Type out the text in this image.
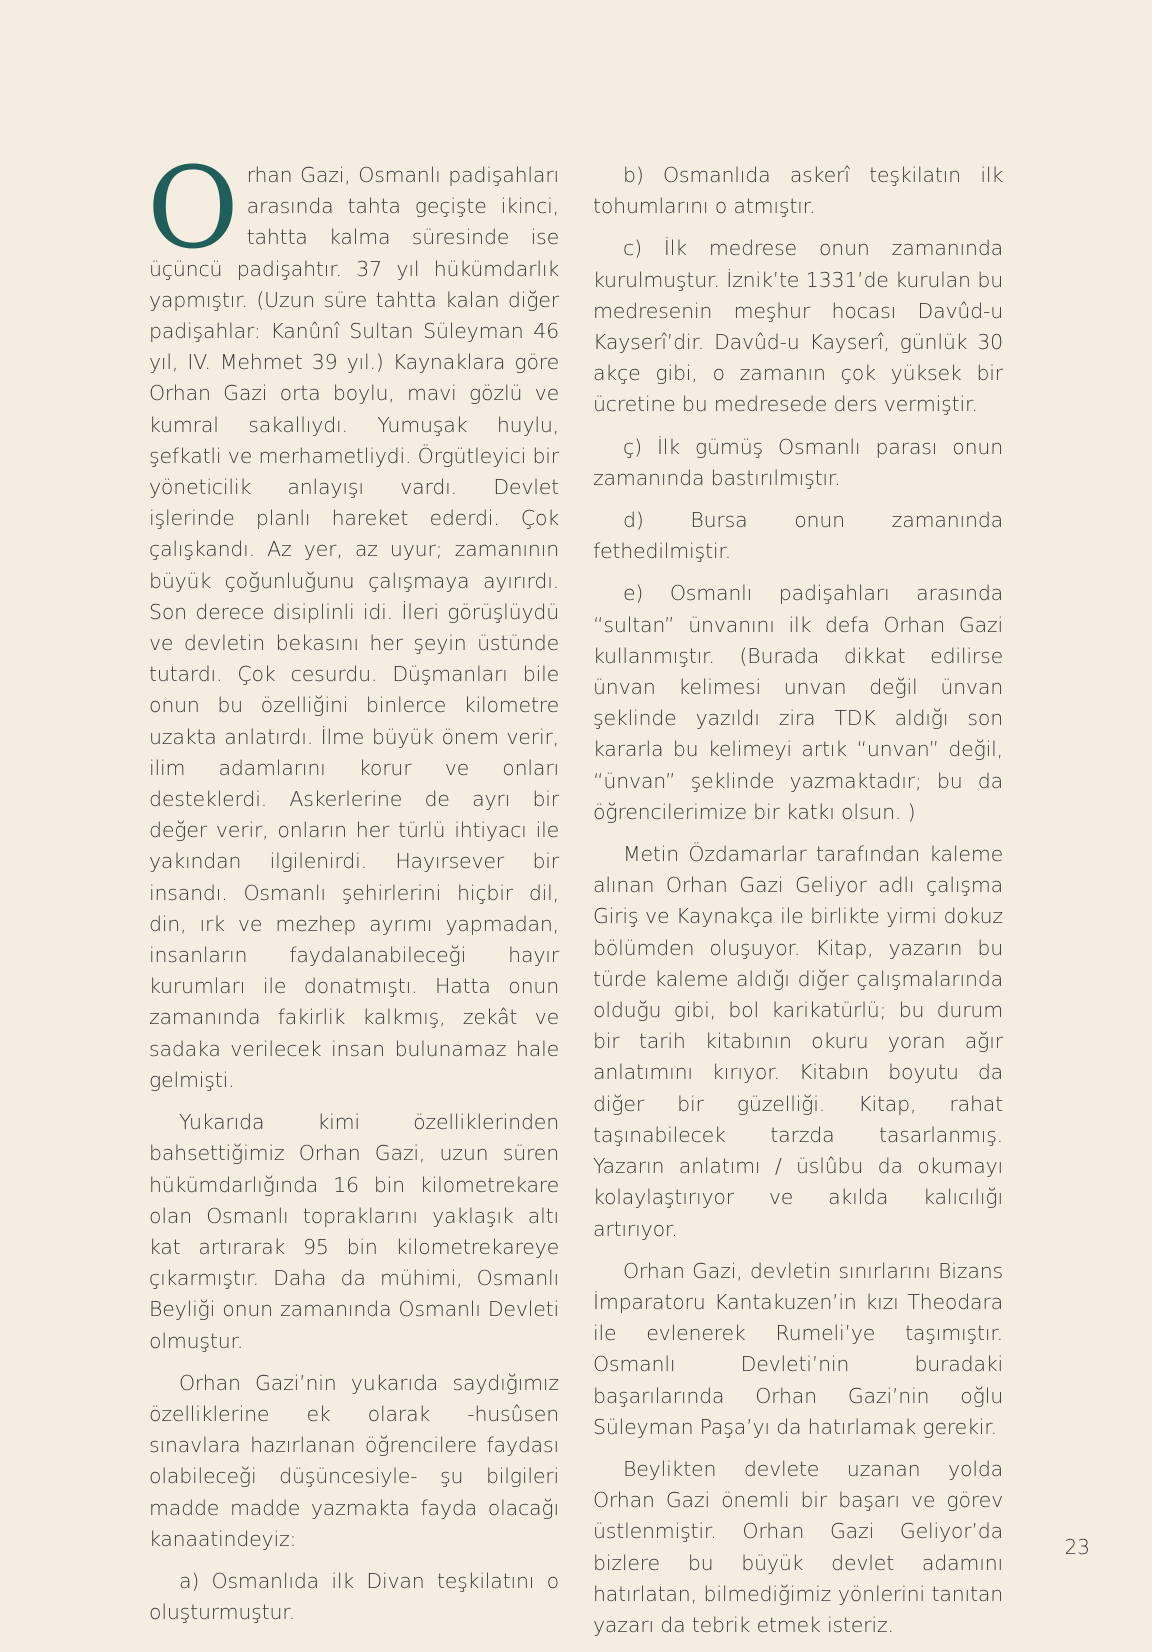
Orhan Gazi, Osmanlı padişahları arasında tahta geçişte ikinci, tahtta kalma süresinde ise üçüncü padişahtır. 37 yıl hükümdarlık yapmıştır. (Uzun süre tahtta kalan diğer padişahlar: Kanûnî Sultan Süleyman 46 yıl, IV. Mehmet 39 yıl.) Kaynaklara göre Orhan Gazi orta boylu, mavi gözlü ve kumral sakallıydı. Yumuşak huylu, şefkatli ve merhametliydi. Örgütleyici bir yöneticilik anlayışı vardı. Devlet işlerinde planlı hareket ederdi. Çok çalışkandı. Az yer, az uyur; zamanının büyük çoğunluğunu çalışmaya ayırırdı. Son derece disiplinli idi. İleri görüşlüydü ve devletin bekasını her şeyin üstünde tutardı. Çok cesurdu. Düşmanları bile onun bu özelliğini binlerce kilometre uzakta anlatırdı. İlme büyük önem verir, ilim adamlarını korur ve onları desteklerdi. Askerlerine de ayrı bir değer verir, onların her türlü ihtiyacı ile yakından ilgilenirdi. Hayırsever bir insandı. Osmanlı şehirlerini hiçbir dil, din, ırk ve mezhep ayrımı yapmadan, insanların faydalanabileceği hayır kurumları ile donatmıştı. Hatta onun zamanında fakirlik kalkmış, zekât ve sadaka verilecek insan bulunamaz hale gelmişti.

Yukarıda kimi özelliklerinden bahsettiğimiz Orhan Gazi, uzun süren hükümdarlığında 16 bin kilometrekare olan Osmanlı topraklarını yaklaşık altı kat artırarak 95 bin kilometrekareye çıkarmıştır. Daha da mühimi, Osmanlı Beyliği onun zamanında Osmanlı Devleti olmuştur.

Orhan Gazi’nin yukarıda saydığımız özelliklerine ek olarak -husûsen sınavlara hazırlanan öğrencilere faydası olabileceği düşüncesiyle- şu bilgileri madde madde yazmakta fayda olacağı kanaatindeyiz:

a) Osmanlıda ilk Divan teşkilatını o oluşturmuştur.

b) Osmanlıda askerî teşkilatın ilk tohumlarını o atmıştır.

c) İlk medrese onun zamanında kurulmuştur. İznik’te 1331’de kurulan bu medresenin meşhur hocası Davûd-u Kayserî’dir. Davûd-u Kayserî, günlük 30 akçe gibi, o zamanın çok yüksek bir ücretine bu medresede ders vermiştir.

ç) İlk gümüş Osmanlı parası onun zamanında bastırılmıştır.

d) Bursa onun zamanında fethedilmiştir.

e) Osmanlı padişahları arasında “sultan” ünvanını ilk defa Orhan Gazi kullanmıştır. (Burada dikkat edilirse ünvan kelimesi unvan değil ünvan şeklinde yazıldı zira TDK aldığı son kararla bu kelimeyi artık “unvan” değil, “ünvan” şeklinde yazmaktadır; bu da öğrencilerimize bir katkı olsun. )

Metin Özdamarlar tarafından kaleme alınan Orhan Gazi Geliyor adlı çalışma Giriş ve Kaynakça ile birlikte yirmi dokuz bölümden oluşuyor. Kitap, yazarın bu türde kaleme aldığı diğer çalışmalarında olduğu gibi, bol karikatürlü; bu durum bir tarih kitabının okuru yoran ağır anlatımını kırıyor. Kitabın boyutu da diğer bir güzelliği. Kitap, rahat taşınabilecek tarzda tasarlanmış. Yazarın anlatımı / üslûbu da okumayı kolaylaştırıyor ve akılda kalıcılığı artırıyor.

Orhan Gazi, devletin sınırlarını Bizans İmparatoru Kantakuzen’in kızı Theodara ile evlenerek Rumeli’ye taşımıştır. Osmanlı Devleti’nin buradaki başarılarında Orhan Gazi’nin oğlu Süleyman Paşa’yı da hatırlamak gerekir.

Beylikten devlete uzanan yolda Orhan Gazi önemli bir başarı ve görev üstlenmiştir. Orhan Gazi Geliyor’da bizlere bu büyük devlet adamını hatırlatan, bilmediğimiz yönlerini tanıtan yazarı da tebrik etmek isteriz.

23
